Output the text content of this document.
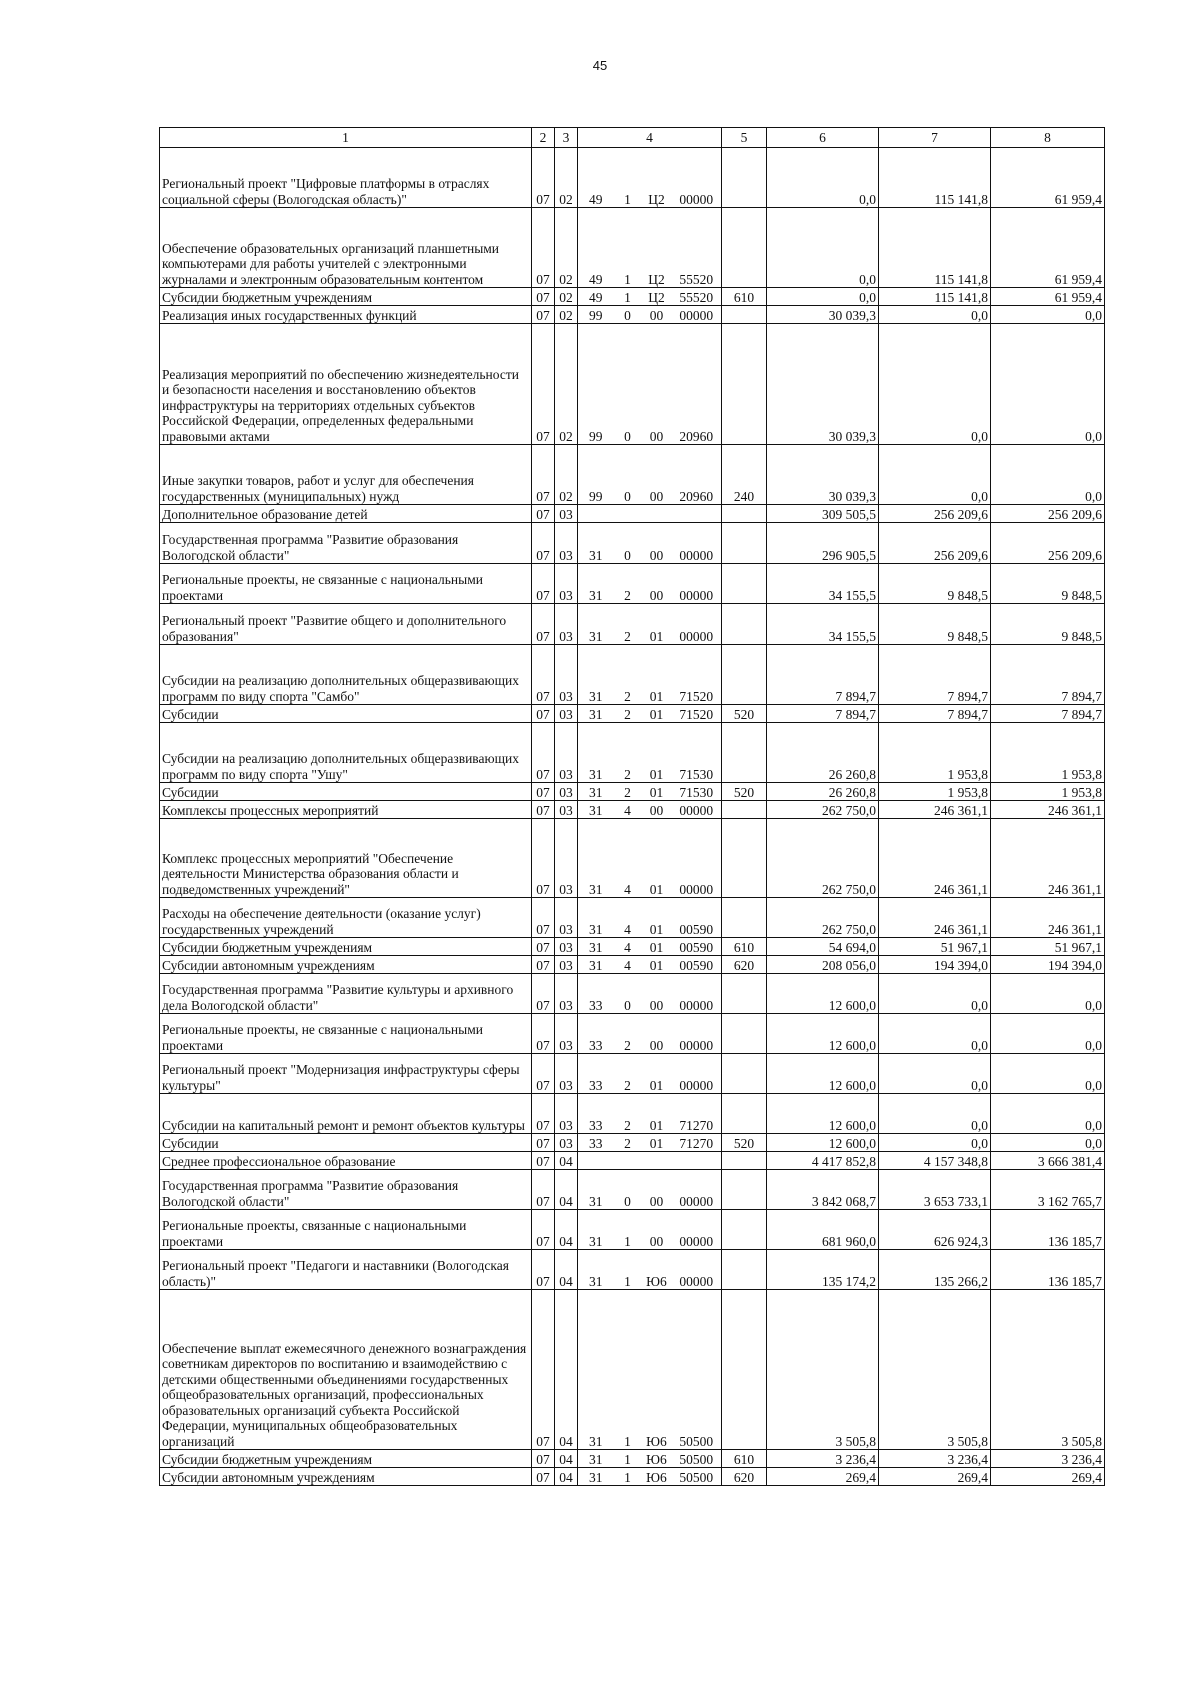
45
1	2	3	4				5	6	7	8
Региональный проект "Цифровые платформы в отраслях социальной сферы (Вологодская область)"	07	02	49	1	Ц2	00000		0,0	115 141,8	61 959,4
Обеспечение образовательных организаций планшетными компьютерами для работы учителей с электронными журналами и электронным образовательным контентом	07	02	49	1	Ц2	55520		0,0	115 141,8	61 959,4
Субсидии бюджетным учреждениям	07	02	49	1	Ц2	55520	610	0,0	115 141,8	61 959,4
Реализация иных государственных функций	07	02	99	0	00	00000		30 039,3	0,0	0,0
Реализация мероприятий по обеспечению жизнедеятельности и безопасности населения и восстановлению объектов инфраструктуры на территориях отдельных субъектов Российской Федерации, определенных федеральными правовыми актами	07	02	99	0	00	20960		30 039,3	0,0	0,0
Иные закупки товаров, работ и услуг для обеспечения государственных (муниципальных) нужд	07	02	99	0	00	20960	240	30 039,3	0,0	0,0
Дополнительное образование детей	07	03						309 505,5	256 209,6	256 209,6
Государственная программа "Развитие образования Вологодской области"	07	03	31	0	00	00000		296 905,5	256 209,6	256 209,6
Региональные проекты, не связанные с национальными проектами	07	03	31	2	00	00000		34 155,5	9 848,5	9 848,5
Региональный проект "Развитие общего и дополнительного образования"	07	03	31	2	01	00000		34 155,5	9 848,5	9 848,5
Субсидии на реализацию дополнительных общеразвивающих программ по виду спорта "Самбо"	07	03	31	2	01	71520		7 894,7	7 894,7	7 894,7
Субсидии	07	03	31	2	01	71520	520	7 894,7	7 894,7	7 894,7
Субсидии на реализацию дополнительных общеразвивающих программ по виду спорта "Ушу"	07	03	31	2	01	71530		26 260,8	1 953,8	1 953,8
Субсидии	07	03	31	2	01	71530	520	26 260,8	1 953,8	1 953,8
Комплексы процессных мероприятий	07	03	31	4	00	00000		262 750,0	246 361,1	246 361,1
Комплекс процессных мероприятий "Обеспечение деятельности Министерства образования области и подведомственных учреждений"	07	03	31	4	01	00000		262 750,0	246 361,1	246 361,1
Расходы на обеспечение деятельности (оказание услуг) государственных учреждений	07	03	31	4	01	00590		262 750,0	246 361,1	246 361,1
Субсидии бюджетным учреждениям	07	03	31	4	01	00590	610	54 694,0	51 967,1	51 967,1
Субсидии автономным учреждениям	07	03	31	4	01	00590	620	208 056,0	194 394,0	194 394,0
Государственная программа "Развитие культуры и архивного дела Вологодской области"	07	03	33	0	00	00000		12 600,0	0,0	0,0
Региональные проекты, не связанные с национальными проектами	07	03	33	2	00	00000		12 600,0	0,0	0,0
Региональный проект "Модернизация инфраструктуры сферы культуры"	07	03	33	2	01	00000		12 600,0	0,0	0,0
Субсидии на капитальный ремонт и ремонт объектов культуры	07	03	33	2	01	71270		12 600,0	0,0	0,0
Субсидии	07	03	33	2	01	71270	520	12 600,0	0,0	0,0
Среднее профессиональное образование	07	04						4 417 852,8	4 157 348,8	3 666 381,4
Государственная программа "Развитие образования Вологодской области"	07	04	31	0	00	00000		3 842 068,7	3 653 733,1	3 162 765,7
Региональные проекты, связанные с национальными проектами	07	04	31	1	00	00000		681 960,0	626 924,3	136 185,7
Региональный проект "Педагоги и наставники (Вологодская область)"	07	04	31	1	Ю6	00000		135 174,2	135 266,2	136 185,7
Обеспечение выплат ежемесячного денежного вознаграждения советникам директоров по воспитанию и взаимодействию с детскими общественными объединениями государственных общеобразовательных организаций, профессиональных образовательных организаций субъекта Российской Федерации, муниципальных общеобразовательных организаций	07	04	31	1	Ю6	50500		3 505,8	3 505,8	3 505,8
Субсидии бюджетным учреждениям	07	04	31	1	Ю6	50500	610	3 236,4	3 236,4	3 236,4
Субсидии автономным учреждениям	07	04	31	1	Ю6	50500	620	269,4	269,4	269,4
